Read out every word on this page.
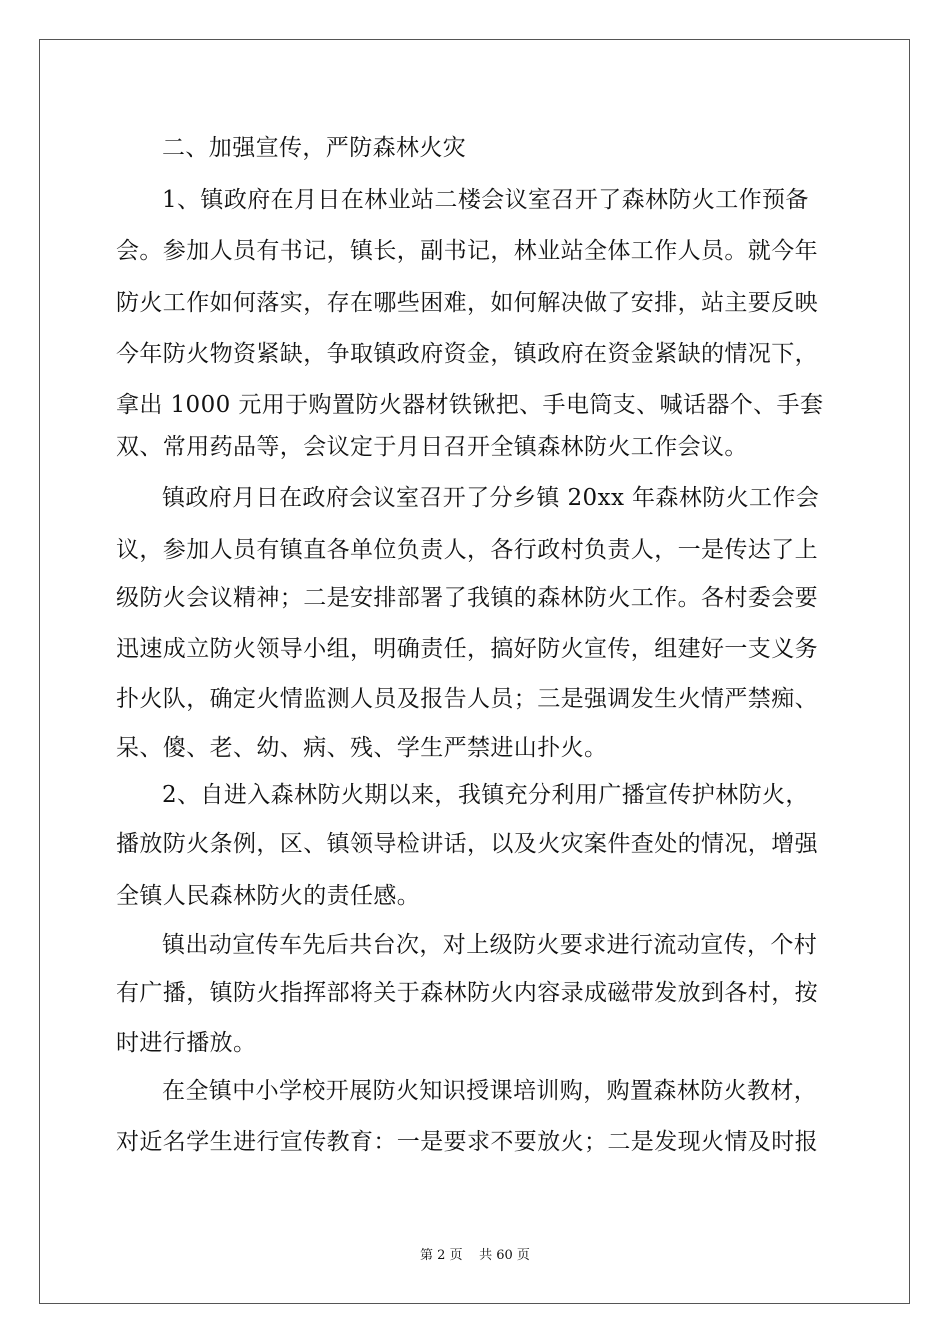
二、加强宣传，严防森林火灾
1、镇政府在月日在林业站二楼会议室召开了森林防火工作预备
会。参加人员有书记，镇长，副书记，林业站全体工作人员。就今年
防火工作如何落实，存在哪些困难，如何解决做了安排，站主要反映
今年防火物资紧缺，争取镇政府资金，镇政府在资金紧缺的情况下，
拿出 1000 元用于购置防火器材铁锹把、手电筒支、喊话器个、手套
双、常用药品等，会议定于月日召开全镇森林防火工作会议。
镇政府月日在政府会议室召开了分乡镇 20xx 年森林防火工作会
议，参加人员有镇直各单位负责人，各行政村负责人，一是传达了上
级防火会议精神；二是安排部署了我镇的森林防火工作。各村委会要
迅速成立防火领导小组，明确责任，搞好防火宣传，组建好一支义务
扑火队，确定火情监测人员及报告人员；三是强调发生火情严禁痴、
呆、傻、老、幼、病、残、学生严禁进山扑火。
2、自进入森林防火期以来，我镇充分利用广播宣传护林防火，
播放防火条例，区、镇领导检讲话，以及火灾案件查处的情况，增强
全镇人民森林防火的责任感。
镇出动宣传车先后共台次，对上级防火要求进行流动宣传，个村
有广播，镇防火指挥部将关于森林防火内容录成磁带发放到各村，按
时进行播放。
在全镇中小学校开展防火知识授课培训购，购置森林防火教材，
对近名学生进行宣传教育：一是要求不要放火；二是发现火情及时报
第 2 页 共 60 页
